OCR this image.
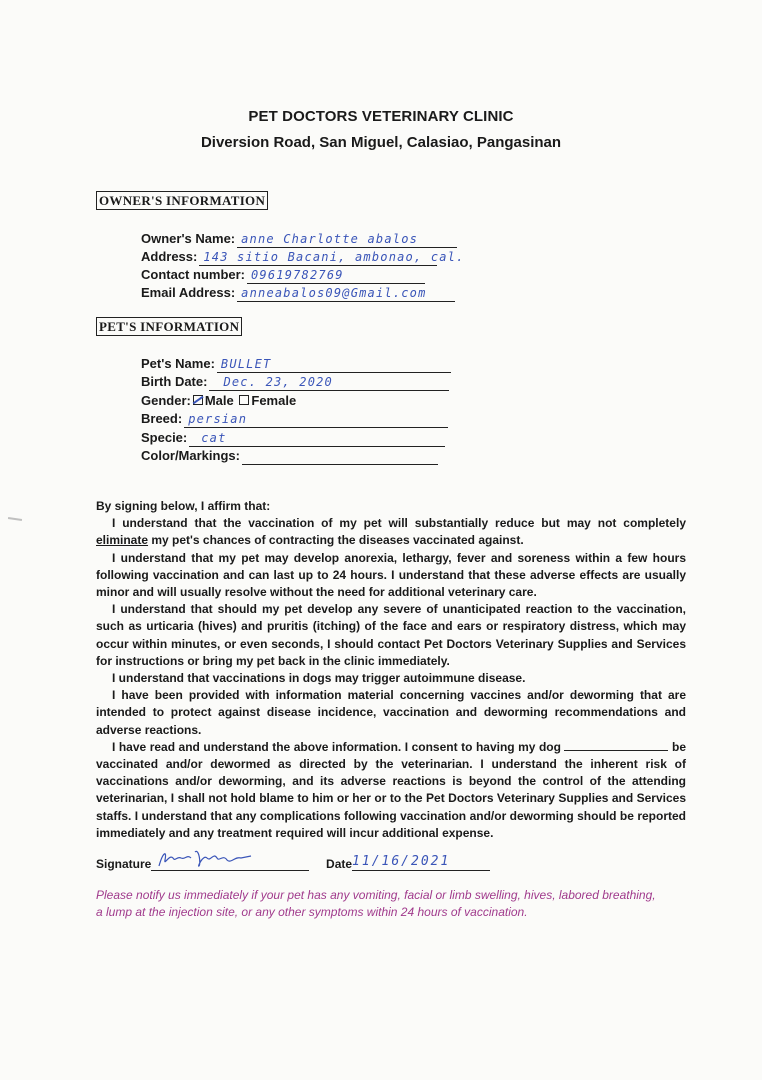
PET DOCTORS VETERINARY CLINIC
Diversion Road, San Miguel, Calasiao, Pangasinan
OWNER'S INFORMATION
Owner's Name: anne Charlotte abalos
Address: 143 sitio Bacani, ambonao, cal.
Contact number: 09619782769
Email Address: anneabalos09@Gmail.com
PET'S INFORMATION
Pet's Name: BULLET
Birth Date: Dec. 23, 2020
Gender: Male Female
Breed: persian
Specie: cat
Color/Markings:

By signing below, I affirm that:

I understand that the vaccination of my pet will substantially reduce but may not completely eliminate my pet's chances of contracting the diseases vaccinated against.

I understand that my pet may develop anorexia, lethargy, fever and soreness within a few hours following vaccination and can last up to 24 hours. I understand that these adverse effects are usually minor and will usually resolve without the need for additional veterinary care.

I understand that should my pet develop any severe of unanticipated reaction to the vaccination, such as urticaria (hives) and pruritis (itching) of the face and ears or respiratory distress, which may occur within minutes, or even seconds, I should contact Pet Doctors Veterinary Supplies and Services for instructions or bring my pet back in the clinic immediately.

I understand that vaccinations in dogs may trigger autoimmune disease.

I have been provided with information material concerning vaccines and/or deworming that are intended to protect against disease incidence, vaccination and deworming recommendations and adverse reactions.

I have read and understand the above information. I consent to having my dog	be vaccinated and/or dewormed as directed by the veterinarian. I understand the inherent risk of vaccinations and/or deworming, and its adverse reactions is beyond the control of the attending veterinarian, I shall not hold blame to him or her or to the Pet Doctors Veterinary Supplies and Services staffs. I understand that any complications following vaccination and/or deworming should be reported immediately and any treatment required will incur additional expense.

Signature	Date 11/16/2021
Please notify us immediately if your pet has any vomiting, facial or limb swelling, hives, labored breathing, a lump at the injection site, or any other symptoms within 24 hours of vaccination.
